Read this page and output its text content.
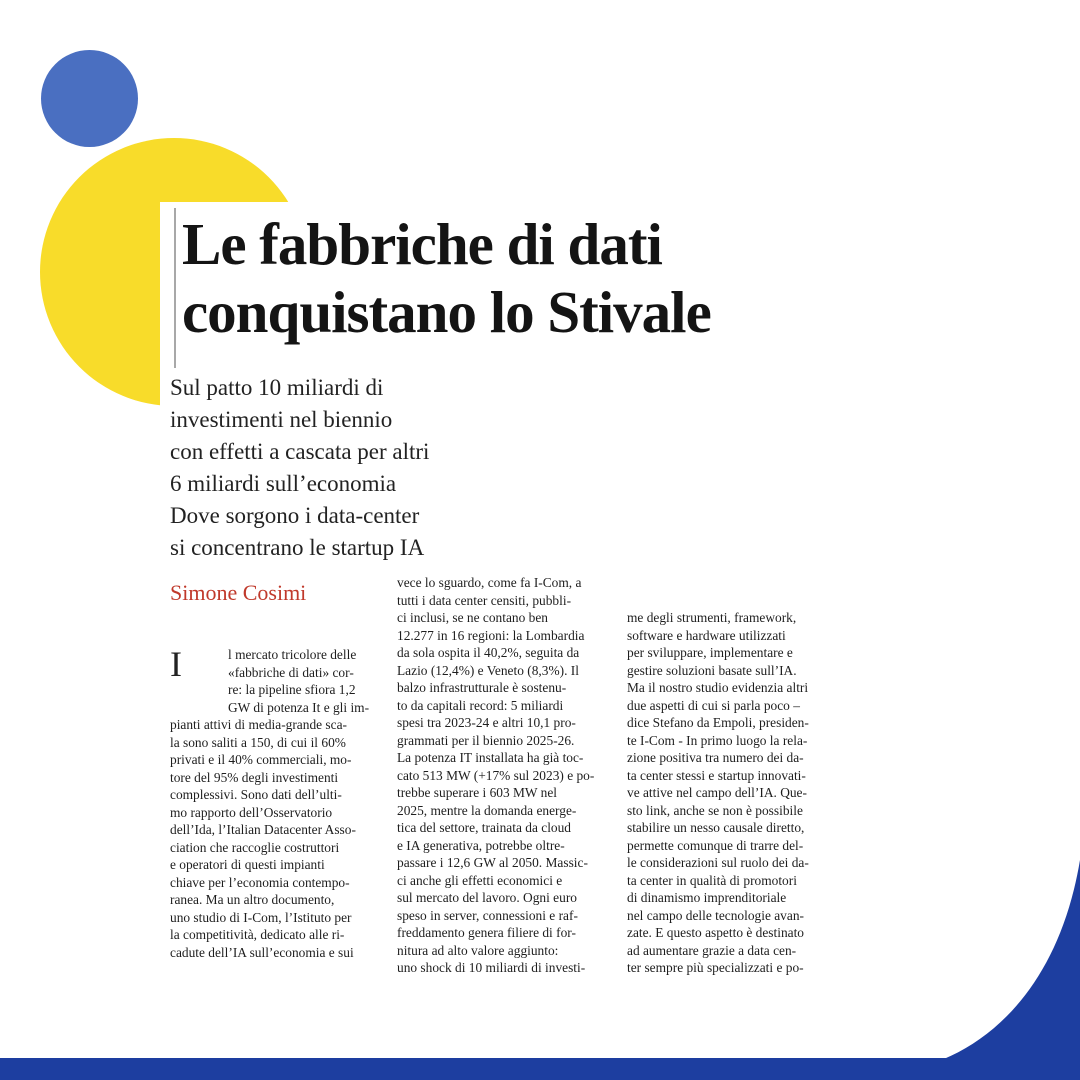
Le fabbriche di dati
conquistano lo Stivale
Sul patto 10 miliardi di
investimenti nel biennio
con effetti a cascata per altri
6 miliardi sull’economia
Dove sorgono i data-center
si concentrano le startup IA
Simone Cosimi
I	l mercato tricolore delle
«fabbriche di dati» cor-
re: la pipeline sfiora 1,2
GW di potenza It e gli im-
pianti attivi di media-grande sca-
la sono saliti a 150, di cui il 60%
privati e il 40% commerciali, mo-
tore del 95% degli investimenti
complessivi. Sono dati dell’ulti-
mo rapporto dell’Osservatorio
dell’Ida, l’Italian Datacenter Asso-
ciation che raccoglie costruttori
e operatori di questi impianti
chiave per l’economia contempo-
ranea. Ma un altro documento,
uno studio di I-Com, l’Istituto per
la competitività, dedicato alle ri-
cadute dell’IA sull’economia e sui
vece lo sguardo, come fa I-Com, a
tutti i data center censiti, pubbli-
ci inclusi, se ne contano ben
12.277 in 16 regioni: la Lombardia
da sola ospita il 40,2%, seguita da
Lazio (12,4%) e Veneto (8,3%). Il
balzo infrastrutturale è sostenu-
to da capitali record: 5 miliardi
spesi tra 2023-24 e altri 10,1 pro-
grammati per il biennio 2025-26.
La potenza IT installata ha già toc-
cato 513 MW (+17% sul 2023) e po-
trebbe superare i 603 MW nel
2025, mentre la domanda energe-
tica del settore, trainata da cloud
e IA generativa, potrebbe oltre-
passare i 12,6 GW al 2050. Massic-
ci anche gli effetti economici e
sul mercato del lavoro. Ogni euro
speso in server, connessioni e raf-
freddamento genera filiere di for-
nitura ad alto valore aggiunto:
uno shock di 10 miliardi di investi-
me degli strumenti, framework,
software e hardware utilizzati
per sviluppare, implementare e
gestire soluzioni basate sull’IA.
Ma il nostro studio evidenzia altri
due aspetti di cui si parla poco –
dice Stefano da Empoli, presiden-
te I-Com - In primo luogo la rela-
zione positiva tra numero dei da-
ta center stessi e startup innovati-
ve attive nel campo dell’IA. Que-
sto link, anche se non è possibile
stabilire un nesso causale diretto,
permette comunque di trarre del-
le considerazioni sul ruolo dei da-
ta center in qualità di promotori
di dinamismo imprenditoriale
nel campo delle tecnologie avan-
zate. E questo aspetto è destinato
ad aumentare grazie a data cen-
ter sempre più specializzati e po-
